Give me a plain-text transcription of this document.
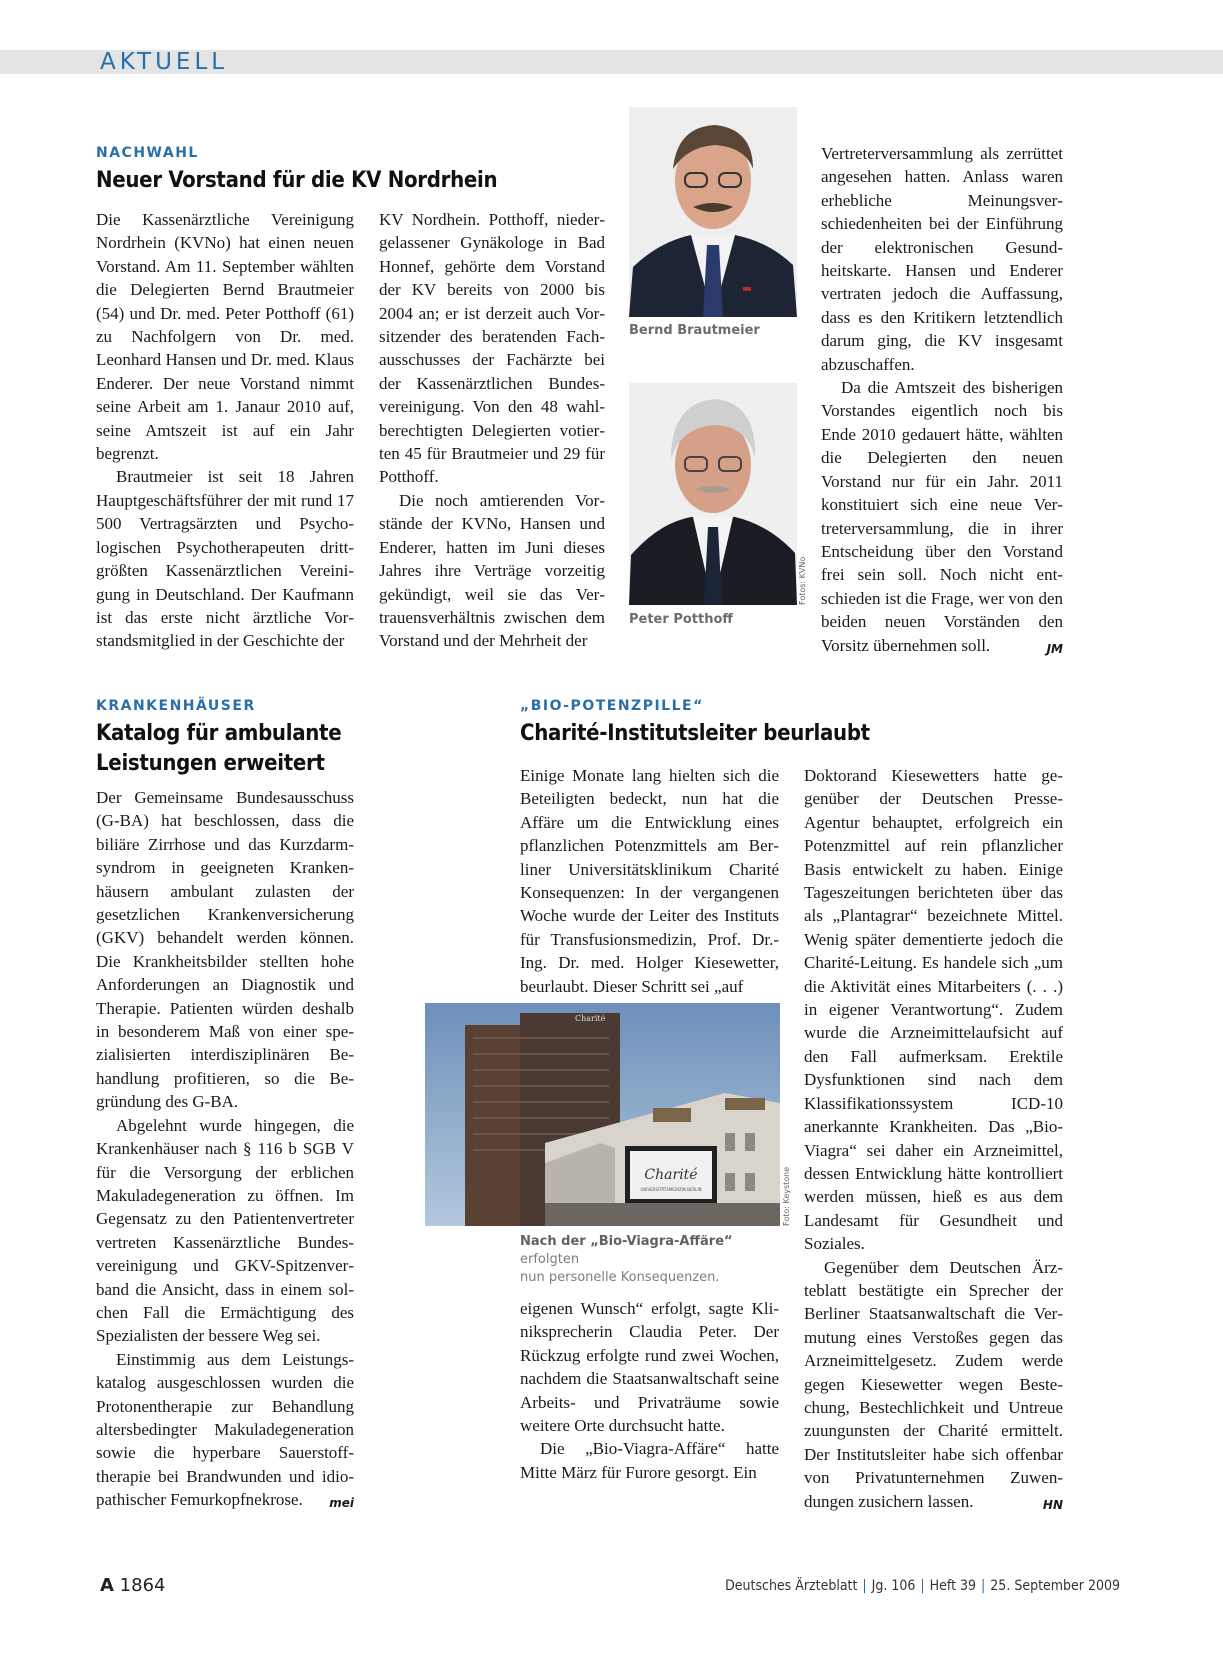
AKTUELL
NACHWAHL
Neuer Vorstand für die KV Nordrhein

Die Kassenärztliche Vereinigung Nordrhein (KVNo) hat einen neuen Vorstand. Am 11. September wählten die Delegierten Bernd Brautmeier (54) und Dr. med. Peter Potthoff (61) zu Nachfolgern von Dr. med. Leonhard Hansen und Dr. med. Klaus Enderer. Der neue Vorstand nimmt seine Arbeit am 1. Janaur 2010 auf, seine Amtszeit ist auf ein Jahr begrenzt.

Brautmeier ist seit 18 Jahren Hauptgeschäftsführer der mit rund 17 500 Vertragsärzten und Psychologischen Psychotherapeuten drittgrößten Kassenärztlichen Vereinigung in Deutschland. Der Kaufmann ist das erste nicht ärztliche Vorstandsmitglied in der Geschichte der

KV Nordhein. Potthoff, niedergelassener Gynäkologe in Bad Honnef, gehörte dem Vorstand der KV bereits von 2000 bis 2004 an; er ist derzeit auch Vorsitzender des beratenden Fachausschusses der Fachärzte bei der Kassenärztlichen Bundesvereinigung. Von den 48 wahlberechtigten Delegierten votierten 45 für Brautmeier und 29 für Potthoff.

Die noch amtierenden Vorstände der KVNo, Hansen und Enderer, hatten im Juni dieses Jahres ihre Verträge vorzeitig gekündigt, weil sie das Vertrauensverhältnis zwischen dem Vorstand und der Mehrheit der

Bernd Brautmeier
Fotos: KVNo
Peter Potthoff

Vertreterversammlung als zerrüttet angesehen hatten. Anlass waren erhebliche Meinungsverschiedenheiten bei der Einführung der elektronischen Gesundheitskarte. Hansen und Enderer vertraten jedoch die Auffassung, dass es den Kritikern letztendlich darum ging, die KV insgesamt abzuschaffen.

Da die Amtszeit des bisherigen Vorstandes eigentlich noch bis Ende 2010 gedauert hätte, wählten die Delegierten den neuen Vorstand nur für ein Jahr. 2011 konstituiert sich eine neue Vertreterversammlung, die in ihrer Entscheidung über den Vorstand frei sein soll. Noch nicht entschieden ist die Frage, wer von den beiden neuen Vorständen den Vorsitz übernehmen soll.	JM

KRANKENHÄUSER
Katalog für ambulante
Leistungen erweitert

Der Gemeinsame Bundesausschuss (G-BA) hat beschlossen, dass die biliäre Zirrhose und das Kurzdarmsyndrom in geeigneten Krankenhäusern ambulant zulasten der gesetzlichen Krankenversicherung (GKV) behandelt werden können. Die Krankheitsbilder stellten hohe Anforderungen an Diagnostik und Therapie. Patienten würden deshalb in besonderem Maß von einer spezialisierten interdisziplinären Behandlung profitieren, so die Begründung des G-BA.

Abgelehnt wurde hingegen, die Krankenhäuser nach § 116 b SGB V für die Versorgung der erblichen Makuladegeneration zu öffnen. Im Gegensatz zu den Patientenvertreter vertreten Kassenärztliche Bundesvereinigung und GKV-Spitzenverband die Ansicht, dass in einem solchen Fall die Ermächtigung des Spezialisten der bessere Weg sei.

Einstimmig aus dem Leistungskatalog ausgeschlossen wurden die Protonentherapie zur Behandlung altersbedingter Makuladegeneration sowie die hyperbare Sauerstofftherapie bei Brandwunden und idiopathischer Femurkopfnekrose.	mei

„BIO-POTENZPILLE“
Charité-Institutsleiter beurlaubt

Einige Monate lang hielten sich die Beteiligten bedeckt, nun hat die Affäre um die Entwicklung eines pflanzlichen Potenzmittels am Berliner Universitätsklinikum Charité Konsequenzen: In der vergangenen Woche wurde der Leiter des Instituts für Transfusionsmedizin, Prof. Dr.-Ing. Dr. med. Holger Kiesewetter, beurlaubt. Dieser Schritt sei „auf

Charité
Charité
UNIVERSITÄTSMEDIZIN BERLIN	Foto: Keystone
Nach der „Bio-Viagra-Affäre“ erfolgten
nun personelle Konsequenzen.

eigenen Wunsch“ erfolgt, sagte Kliniksprecherin Claudia Peter. Der Rückzug erfolgte rund zwei Wochen, nachdem die Staatsanwaltschaft seine Arbeits- und Privaträume sowie weitere Orte durchsucht hatte.

Die „Bio-Viagra-Affäre“ hatte Mitte März für Furore gesorgt. Ein

Doktorand Kiesewetters hatte gegenüber der Deutschen Presse-Agentur behauptet, erfolgreich ein Potenzmittel auf rein pflanzlicher Basis entwickelt zu haben. Einige Tageszeitungen berichteten über das als „Plantagrar“ bezeichnete Mittel. Wenig später dementierte jedoch die Charité-Leitung. Es handele sich „um die Aktivität eines Mitarbeiters (. . .) in eigener Verantwortung“. Zudem wurde die Arzneimittelaufsicht auf den Fall aufmerksam. Erektile Dysfunktionen sind nach dem Klassifikationssystem ICD-10 anerkannte Krankheiten. Das „Bio-Viagra“ sei daher ein Arzneimittel, dessen Entwicklung hätte kontrolliert werden müssen, hieß es aus dem Landesamt für Gesundheit und Soziales.

Gegenüber dem Deutschen Ärzteblatt bestätigte ein Sprecher der Berliner Staatsanwaltschaft die Vermutung eines Verstoßes gegen das Arzneimittelgesetz. Zudem werde gegen Kiesewetter wegen Bestechung, Bestechlichkeit und Untreue zuungunsten der Charité ermittelt. Der Institutsleiter habe sich offenbar von Privatunternehmen Zuwendungen zusichern lassen.	HN

A 1864	Deutsches Ärzteblatt | Jg. 106 | Heft 39 | 25. September 2009
